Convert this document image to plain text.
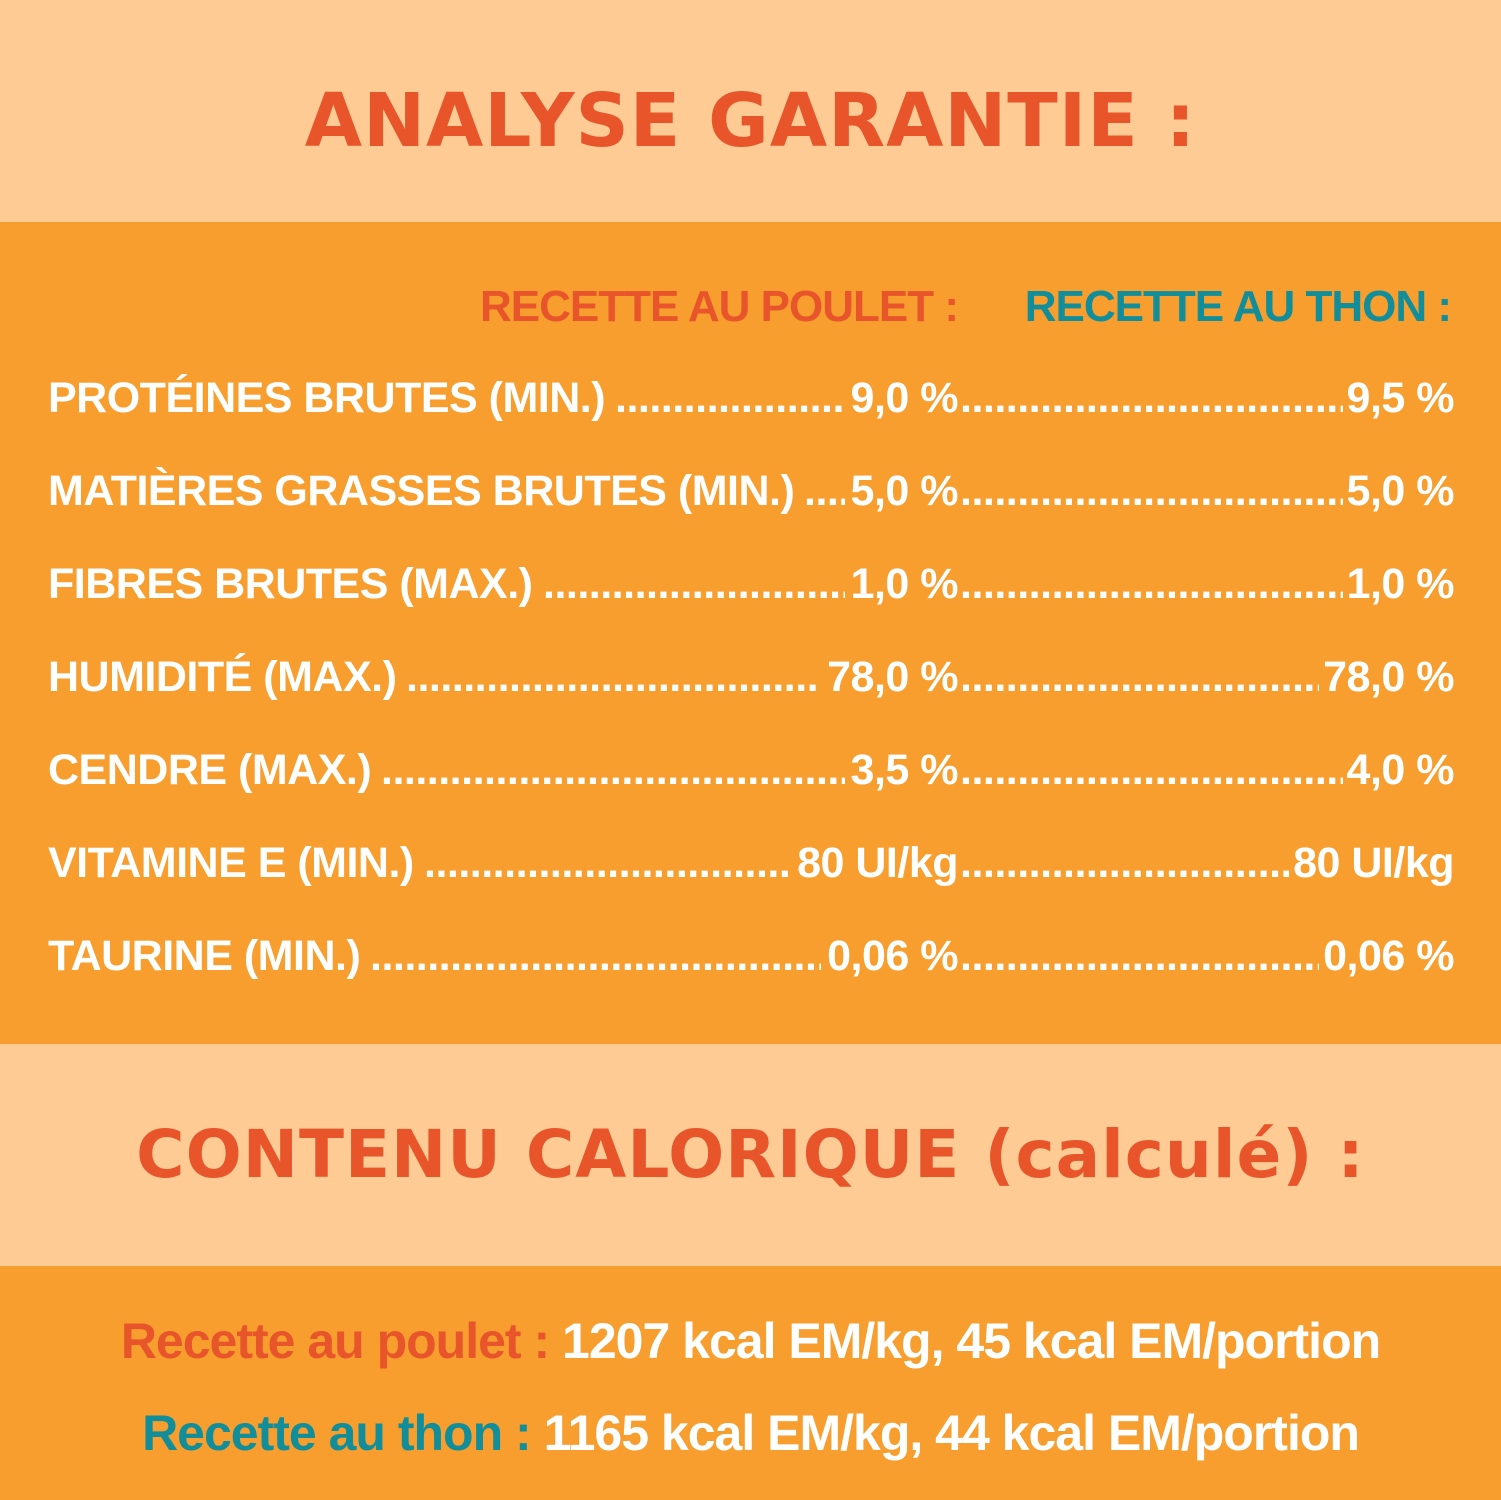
ANALYSE GARANTIE :
RECETTE AU POULET : RECETTE AU THON :
PROTÉINES BRUTES (MIN.) .....	9,0 % .....	9,5 %
MATIÈRES GRASSES BRUTES (MIN.) ..... 5,0 % .....	5,0 %
FIBRES BRUTES (MAX.) .....	1,0 % .....	1,0 %
HUMIDITÉ (MAX.) .....	78,0 % .....	78,0 %
CENDRE (MAX.) .....	3,5 % .....	4,0 %
VITAMINE E (MIN.) .....	80 UI/kg .....	80 UI/kg
TAURINE (MIN.) .....	0,06 % .....	0,06 %
CONTENU CALORIQUE (calculé) :
Recette au poulet : 1207 kcal EM/kg, 45 kcal EM/portion
Recette au thon : 1165 kcal EM/kg, 44 kcal EM/portion
